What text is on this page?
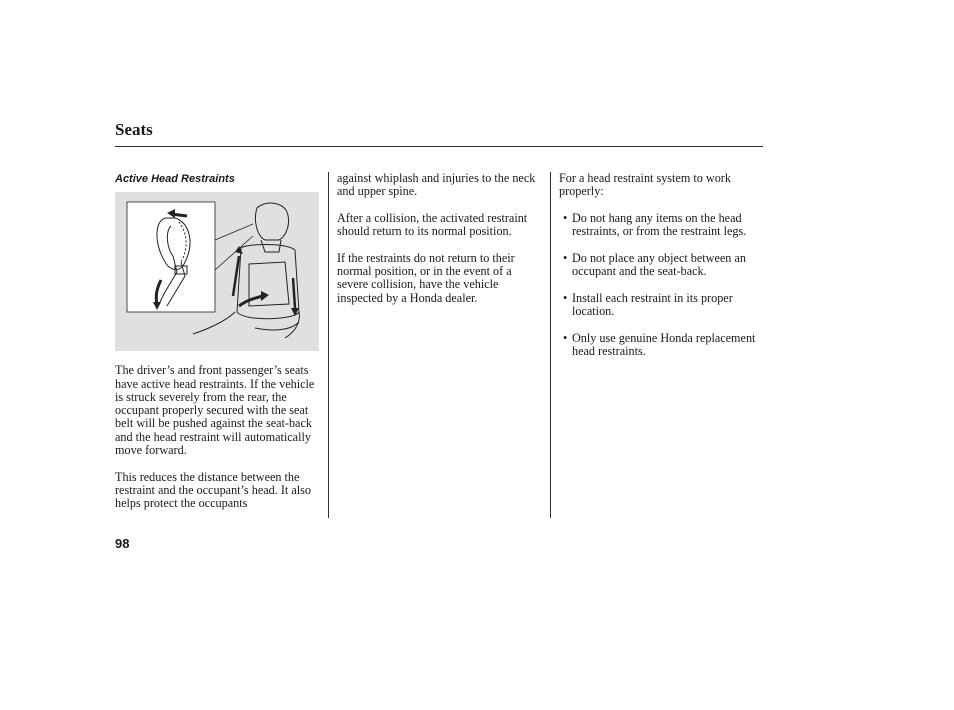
Seats
Active Head Restraints

The driver’s and front passenger’s seats have active head restraints. If the vehicle is struck severely from the rear, the occupant properly secured with the seat belt will be pushed against the seat-back and the head restraint will automatically move forward.

This reduces the distance between the restraint and the occupant’s head. It also helps protect the occupants

against whiplash and injuries to the neck and upper spine.

After a collision, the activated restraint should return to its normal position.

If the restraints do not return to their normal position, or in the event of a severe collision, have the vehicle inspected by a Honda dealer.

For a head restraint system to work properly:

• Do not hang any items on the head restraints, or from the restraint legs.
• Do not place any object between an occupant and the seat-back.
• Install each restraint in its proper location.
• Only use genuine Honda replacement head restraints.
98
